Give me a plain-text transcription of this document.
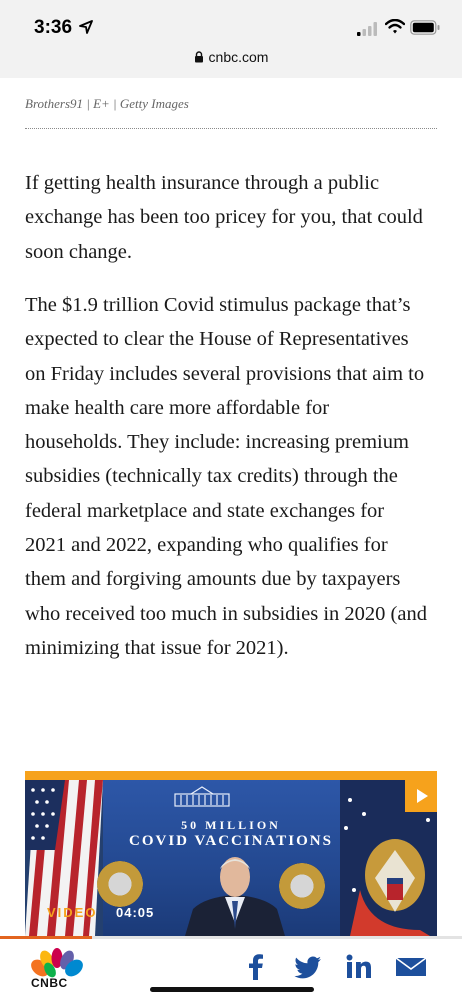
3:36
cnbc.com
Brothers91 | E+ | Getty Images

If getting health insurance through a public exchange has been too pricey for you, that could soon change.

The $1.9 trillion Covid stimulus package that’s expected to clear the House of Representatives on Friday includes several provisions that aim to make health care more affordable for households. They include: increasing premium subsidies (technically tax credits) through the federal marketplace and state exchanges for 2021 and 2022, expanding who qualifies for them and forgiving amounts due by taxpayers who received too much in subsidies in 2020 (and minimizing that issue for 2021).

50 MILLION
COVID VACCINATIONS
VIDEO 04:05
CNBC
